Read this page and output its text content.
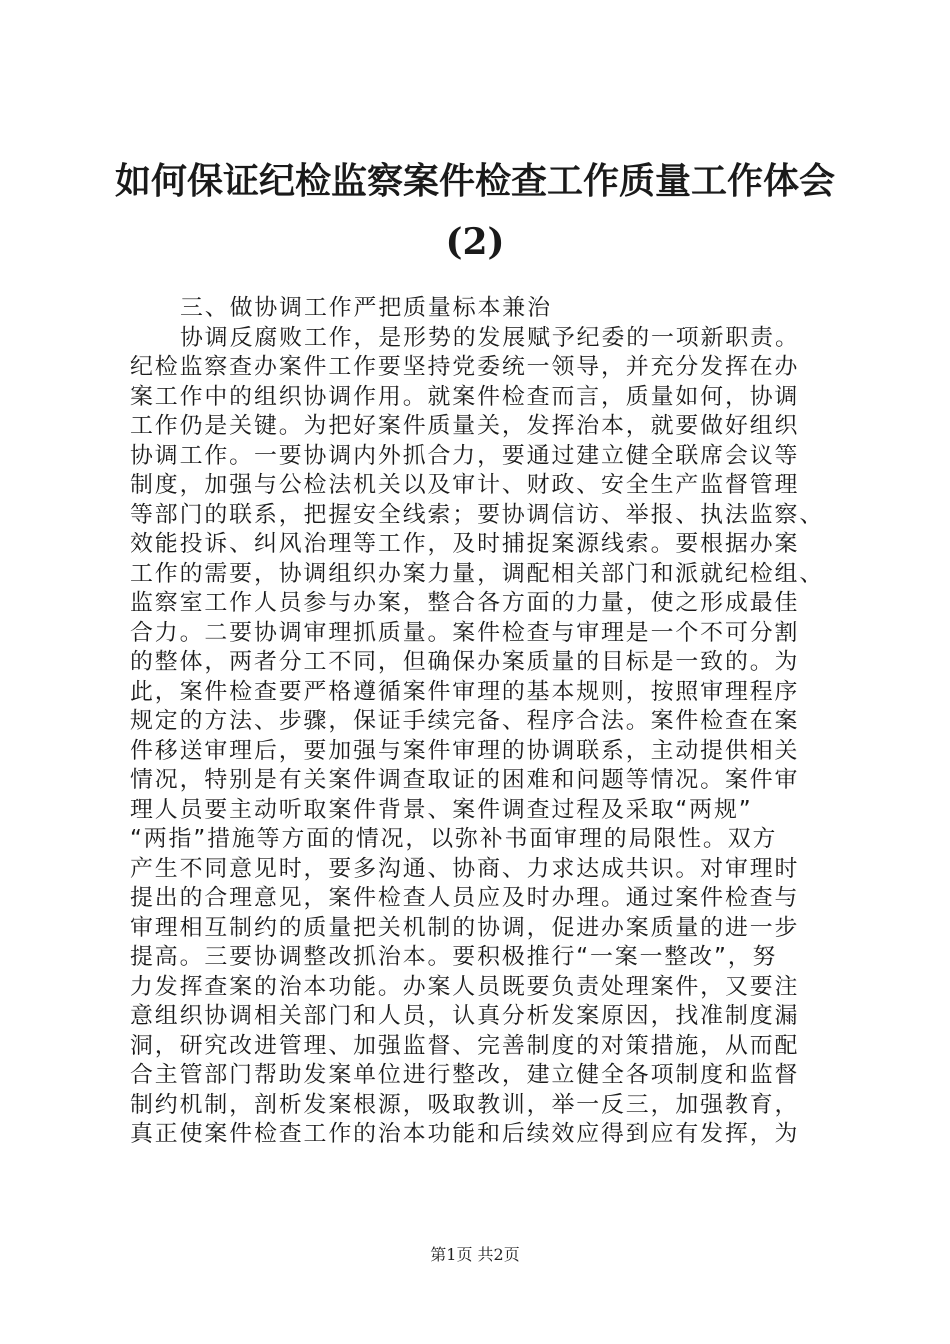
如何保证纪检监察案件检查工作质量工作体会
(2)
三、做协调工作严把质量标本兼治
协调反腐败工作，是形势的发展赋予纪委的一项新职责。
纪检监察查办案件工作要坚持党委统一领导，并充分发挥在办
案工作中的组织协调作用。就案件检查而言，质量如何，协调
工作仍是关键。为把好案件质量关，发挥治本，就要做好组织
协调工作。一要协调内外抓合力，要通过建立健全联席会议等
制度，加强与公检法机关以及审计、财政、安全生产监督管理
等部门的联系，把握安全线索；要协调信访、举报、执法监察、
效能投诉、纠风治理等工作，及时捕捉案源线索。要根据办案
工作的需要，协调组织办案力量，调配相关部门和派就纪检组、
监察室工作人员参与办案，整合各方面的力量，使之形成最佳
合力。二要协调审理抓质量。案件检查与审理是一个不可分割
的整体，两者分工不同，但确保办案质量的目标是一致的。为
此，案件检查要严格遵循案件审理的基本规则，按照审理程序
规定的方法、步骤，保证手续完备、程序合法。案件检查在案
件移送审理后，要加强与案件审理的协调联系，主动提供相关
情况，特别是有关案件调查取证的困难和问题等情况。案件审
理人员要主动听取案件背景、案件调查过程及采取“两规”
“两指”措施等方面的情况，以弥补书面审理的局限性。双方
产生不同意见时，要多沟通、协商、力求达成共识。对审理时
提出的合理意见，案件检查人员应及时办理。通过案件检查与
审理相互制约的质量把关机制的协调，促进办案质量的进一步
提高。三要协调整改抓治本。要积极推行“一案一整改”，努
力发挥查案的治本功能。办案人员既要负责处理案件，又要注
意组织协调相关部门和人员，认真分析发案原因，找准制度漏
洞，研究改进管理、加强监督、完善制度的对策措施，从而配
合主管部门帮助发案单位进行整改，建立健全各项制度和监督
制约机制，剖析发案根源，吸取教训，举一反三，加强教育，
真正使案件检查工作的治本功能和后续效应得到应有发挥，为
第1页 共2页
